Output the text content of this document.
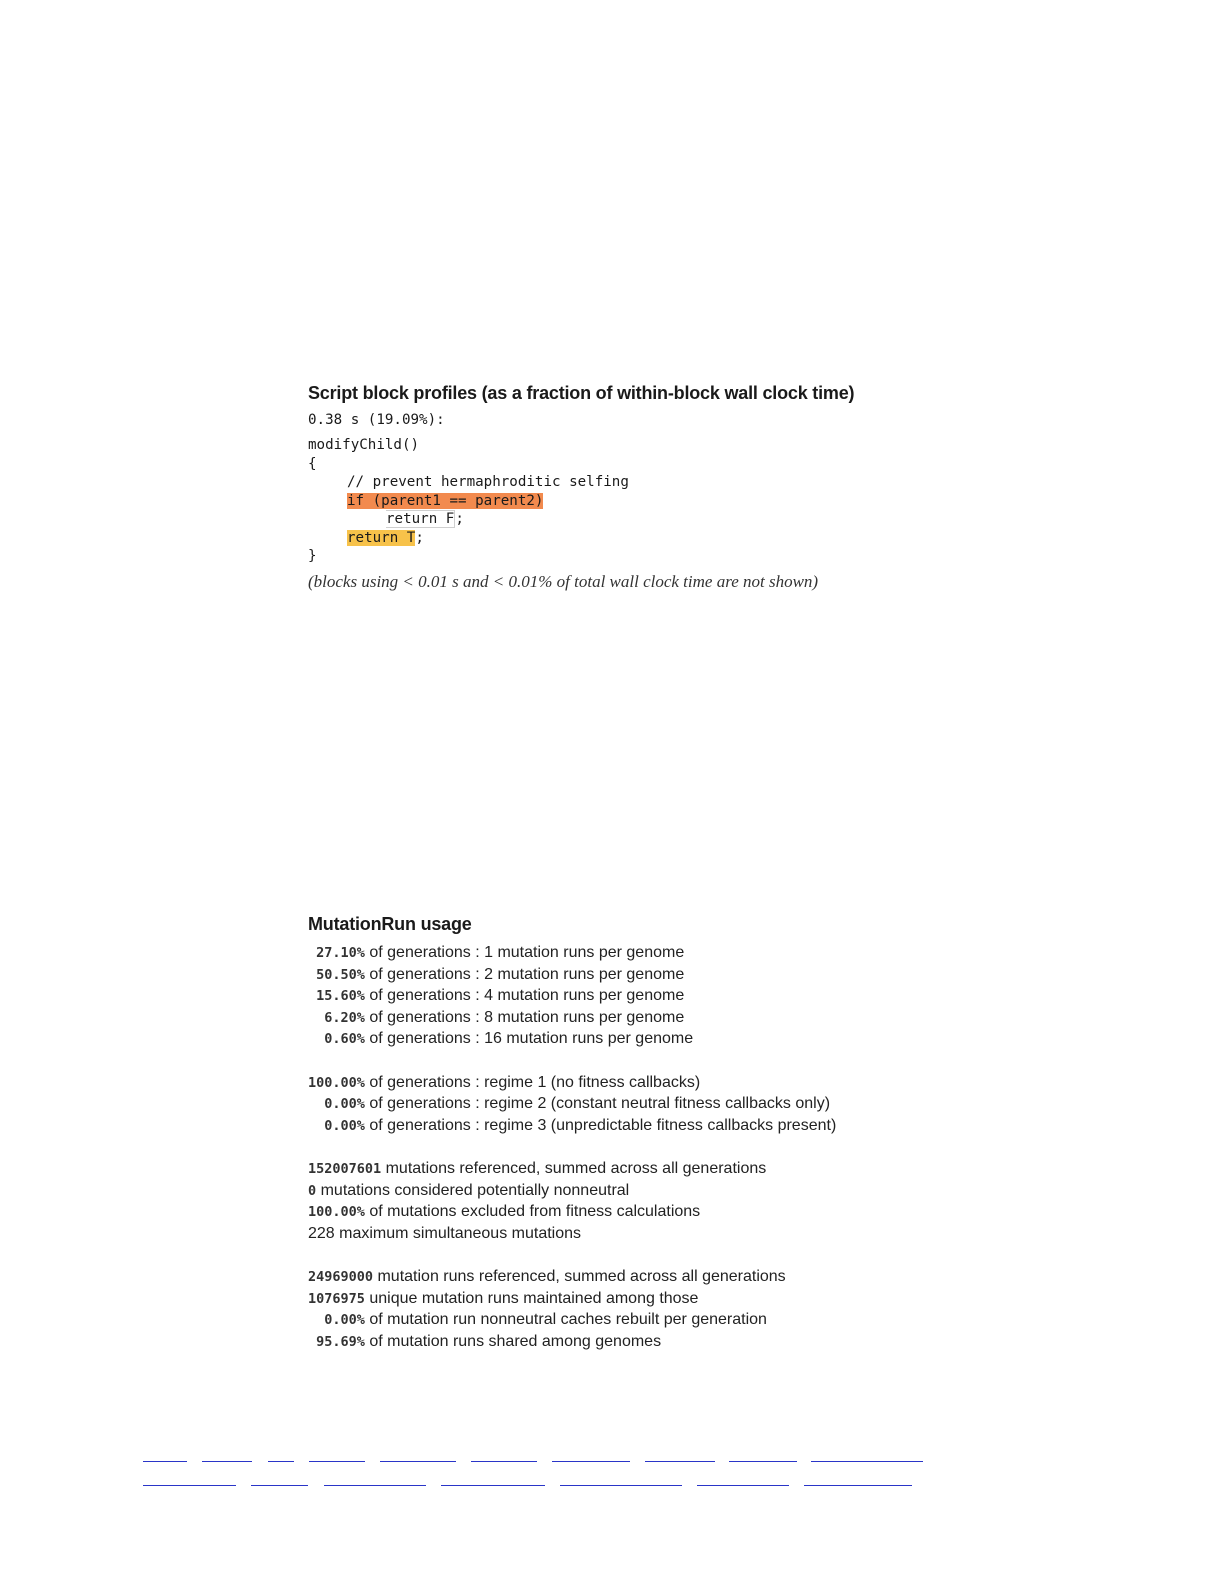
Script block profiles (as a fraction of within-block wall clock time)
0.38 s (19.09%):
modifyChild()
{
// prevent hermaphroditic selfing
if (parent1 == parent2)
return F;
return T;
}
(blocks using < 0.01 s and < 0.01% of total wall clock time are not shown)
MutationRun usage
27.10% of generations : 1 mutation runs per genome
50.50% of generations : 2 mutation runs per genome
15.60% of generations : 4 mutation runs per genome
6.20% of generations : 8 mutation runs per genome
0.60% of generations : 16 mutation runs per genome
100.00% of generations : regime 1 (no fitness callbacks)
0.00% of generations : regime 2 (constant neutral fitness callbacks only)
0.00% of generations : regime 3 (unpredictable fitness callbacks present)
152007601 mutations referenced, summed across all generations
0 mutations considered potentially nonneutral
100.00% of mutations excluded from fitness calculations
228 maximum simultaneous mutations
24969000 mutation runs referenced, summed across all generations
1076975 unique mutation runs maintained among those
0.00% of mutation run nonneutral caches rebuilt per generation
95.69% of mutation runs shared among genomes
